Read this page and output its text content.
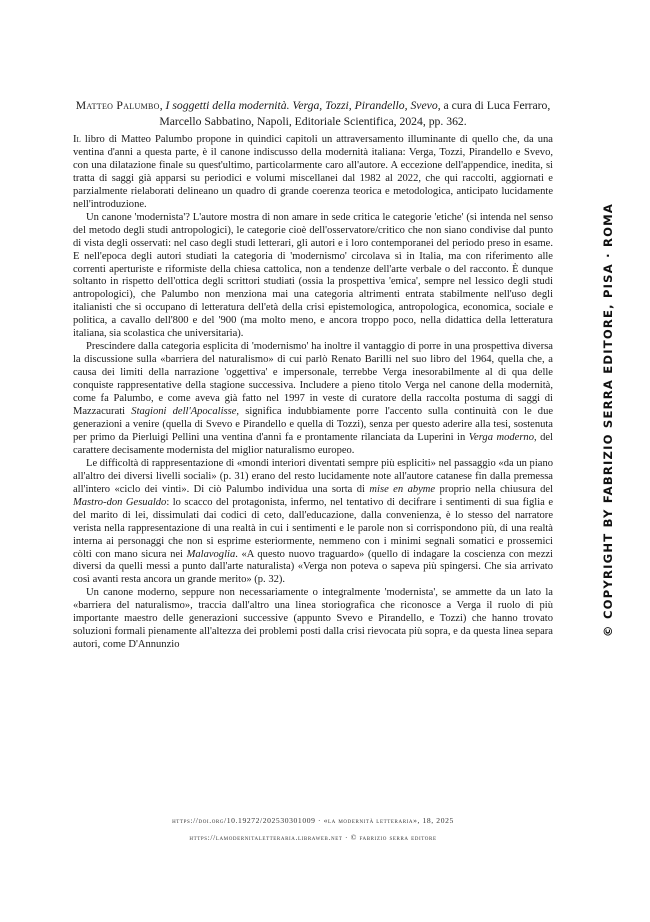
Matteo Palumbo, I soggetti della modernità. Verga, Tozzi, Pirandello, Svevo, a cura di Luca Ferraro, Marcello Sabbatino, Napoli, Editoriale Scientifica, 2024, pp. 362.

Il libro di Matteo Palumbo propone in quindici capitoli un attraversamento illuminante di quello che, da una ventina d'anni a questa parte, è il canone indiscusso della modernità italiana: Verga, Tozzi, Pirandello e Svevo, con una dilatazione finale su quest'ultimo, particolarmente caro all'autore. A eccezione dell'appendice, inedita, si tratta di saggi già apparsi su periodici e volumi miscellanei dal 1982 al 2022, che qui raccolti, aggiornati e parzialmente rielaborati delineano un quadro di grande coerenza teorica e metodologica, anticipato lucidamente nell'introduzione.

Un canone 'modernista'? L'autore mostra di non amare in sede critica le categorie 'etiche' (si intenda nel senso del metodo degli studi antropologici), le categorie cioè dell'osservatore/critico che non siano condivise dal punto di vista degli osservati: nel caso degli studi letterari, gli autori e i loro contemporanei del periodo preso in esame. E nell'epoca degli autori studiati la categoria di 'modernismo' circolava sì in Italia, ma con riferimento alle correnti aperturiste e riformiste della chiesa cattolica, non a tendenze dell'arte verbale o del racconto. È dunque soltanto in rispetto dell'ottica degli scrittori studiati (ossia la prospettiva 'emica', sempre nel lessico degli studi antropologici), che Palumbo non menziona mai una categoria altrimenti entrata stabilmente nell'uso degli italianisti che si occupano di letteratura dell'età della crisi epistemologica, antropologica, economica, sociale e politica, a cavallo dell'800 e del '900 (ma molto meno, e ancora troppo poco, nella didattica della letteratura italiana, sia scolastica che universitaria).

Prescindere dalla categoria esplicita di 'modernismo' ha inoltre il vantaggio di porre in una prospettiva diversa la discussione sulla «barriera del naturalismo» di cui parlò Renato Barilli nel suo libro del 1964, quella che, a causa dei limiti della narrazione 'oggettiva' e impersonale, terrebbe Verga inesorabilmente al di qua delle conquiste rappresentative della stagione successiva. Includere a pieno titolo Verga nel canone della modernità, come fa Palumbo, e come aveva già fatto nel 1997 in veste di curatore della raccolta postuma di saggi di Mazzacurati Stagioni dell'Apocalisse, significa indubbiamente porre l'accento sulla continuità con le due generazioni a venire (quella di Svevo e Pirandello e quella di Tozzi), senza per questo aderire alla tesi, sostenuta per primo da Pierluigi Pellini una ventina d'anni fa e prontamente rilanciata da Luperini in Verga moderno, del carattere decisamente modernista del miglior naturalismo europeo.

Le difficoltà di rappresentazione di «mondi interiori diventati sempre più espliciti» nel passaggio «da un piano all'altro dei diversi livelli sociali» (p. 31) erano del resto lucidamente note all'autore catanese fin dalla premessa all'intero «ciclo dei vinti». Di ciò Palumbo individua una sorta di mise en abyme proprio nella chiusura del Mastro-don Gesualdo: lo scacco del protagonista, infermo, nel tentativo di decifrare i sentimenti di sua figlia e del marito di lei, dissimulati dai codici di ceto, dall'educazione, dalla convenienza, è lo stesso del narratore verista nella rappresentazione di una realtà in cui i sentimenti e le parole non si corrispondono più, di una realtà interna ai personaggi che non si esprime esteriormente, nemmeno con i minimi segnali somatici e prossemici còlti con mano sicura nei Malavoglia. «A questo nuovo traguardo» (quello di indagare la coscienza con mezzi diversi da quelli messi a punto dall'arte naturalista) «Verga non poteva o sapeva più spingersi. Che sia arrivato così avanti resta ancora un grande merito» (p. 32).

Un canone moderno, seppure non necessariamente o integralmente 'modernista', se ammette da un lato la «barriera del naturalismo», traccia dall'altro una linea storiografica che riconosce a Verga il ruolo di più importante maestro delle generazioni successive (appunto Svevo e Pirandello, e Tozzi) che hanno trovato soluzioni formali pienamente all'altezza dei problemi posti dalla crisi rievocata più sopra, e da questa linea separa autori, come D'Annunzio

https://doi.org/10.19272/202530301009 · «la modernità letteraria», 18, 2025
https://lamodernitaletteraria.libraweb.net · © fabrizio serra editore
© COPYRIGHT BY FABRIZIO SERRA EDITORE, PISA · ROMA
